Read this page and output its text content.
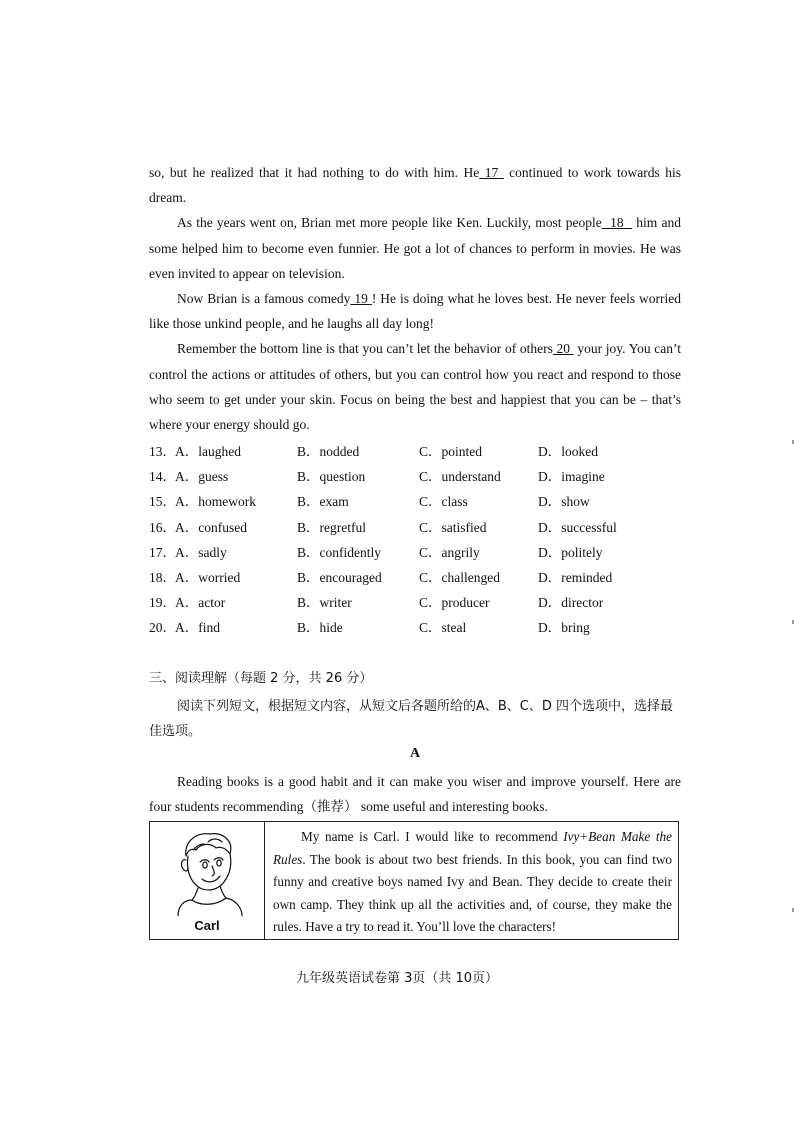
so, but he realized that it had nothing to do with him. He 17 continued to work towards his dream.

As the years went on, Brian met more people like Ken. Luckily, most people 18 him and some helped him to become even funnier. He got a lot of chances to perform in movies. He was even invited to appear on television.

Now Brian is a famous comedy 19 ! He is doing what he loves best. He never feels worried like those unkind people, and he laughs all day long!

Remember the bottom line is that you can’t let the behavior of others 20 your joy. You can’t control the actions or attitudes of others, but you can control how you react and respond to those who seem to get under your skin. Focus on being the best and happiest that you can be – that’s where your energy should go.

13． A．laughed	B．nodded	C．pointed	D．looked
14． A．guess	B．question	C．understand	D．imagine
15． A．homework	B．exam	C．class	D．show
16． A．confused	B．regretful	C．satisfied	D．successful
17． A．sadly	B．confidently	C．angrily	D．politely
18． A．worried	B．encouraged	C．challenged	D．reminded
19． A．actor	B．writer	C．producer	D．director
20． A．find	B．hide	C．steal	D．bring
三、阅读理解（每题 2 分，共 26 分）
阅读下列短文，根据短文内容，从短文后各题所给的A、B、C、D 四个选项中，选择最佳选项。
A
Reading books is a good habit and it can make you wiser and improve yourself. Here are four students recommending（推荐） some useful and interesting books.
Carl
My name is Carl. I would like to recommend Ivy+Bean Make the Rules. The book is about two best friends. In this book, you can find two funny and creative boys named Ivy and Bean. They decide to create their own camp. They think up all the activities and, of course, they make the rules. Have a try to read it. You’ll love the characters!
九年级英语试卷第 3页（共 10页）
